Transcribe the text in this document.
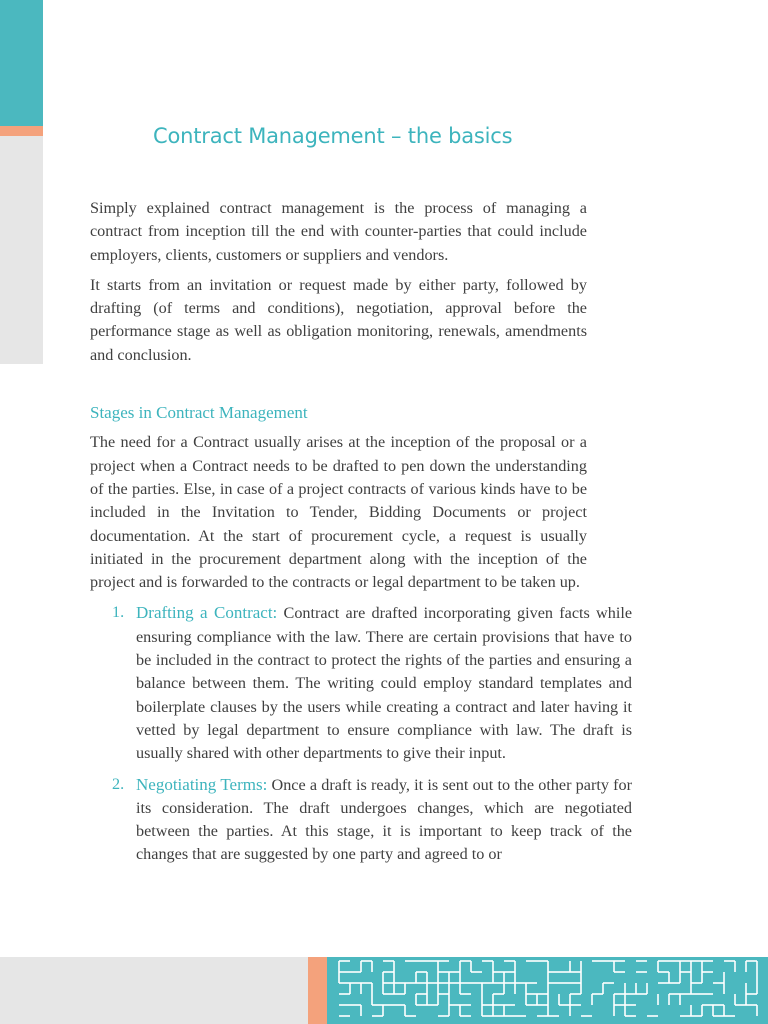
Contract Management – the basics

Simply explained contract management is the process of managing a contract from inception till the end with counter-parties that could include employers, clients, customers or suppliers and vendors.

It starts from an invitation or request made by either party, followed by drafting (of terms and conditions), negotiation, approval before the performance stage as well as obligation monitoring, renewals, amendments and conclusion.

Stages in Contract Management

The need for a Contract usually arises at the inception of the proposal or a project when a Contract needs to be drafted to pen down the understanding of the parties. Else, in case of a project contracts of various kinds have to be included in the Invitation to Tender, Bidding Documents or project documentation. At the start of procurement cycle, a request is usually initiated in the procurement department along with the inception of the project and is forwarded to the contracts or legal department to be taken up.

1. Drafting a Contract: Contract are drafted incorporating given facts while ensuring compliance with the law. There are certain provisions that have to be included in the contract to protect the rights of the parties and ensuring a balance between them. The writing could employ standard templates and boilerplate clauses by the users while creating a contract and later having it vetted by legal department to ensure compliance with law. The draft is usually shared with other departments to give their input.
2. Negotiating Terms: Once a draft is ready, it is sent out to the other party for its consideration. The draft undergoes changes, which are negotiated between the parties. At this stage, it is important to keep track of the changes that are suggested by one party and agreed to or
